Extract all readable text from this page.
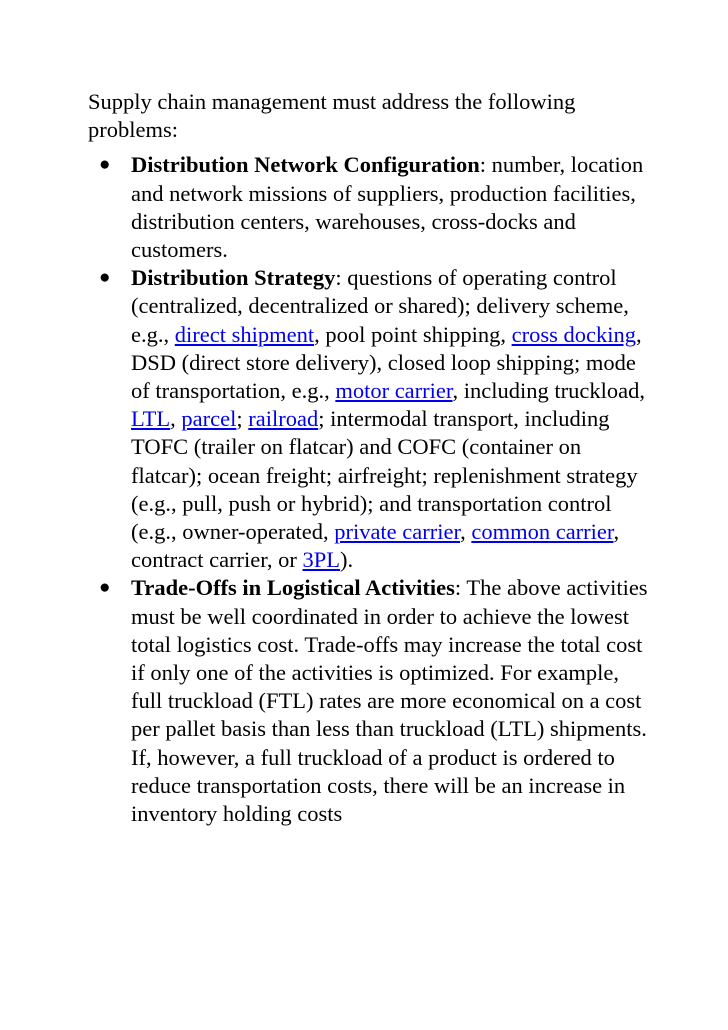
Supply chain management must address the following problems:

● Distribution Network Configuration: number, location and network missions of suppliers, production facilities, distribution centers, warehouses, cross-docks and customers.
● Distribution Strategy: questions of operating control (centralized, decentralized or shared); delivery scheme, e.g., direct shipment, pool point shipping, cross docking, DSD (direct store delivery), closed loop shipping; mode of transportation, e.g., motor carrier, including truckload, LTL, parcel; railroad; intermodal transport, including TOFC (trailer on flatcar) and COFC (container on flatcar); ocean freight; airfreight; replenishment strategy (e.g., pull, push or hybrid); and transportation control (e.g., owner-operated, private carrier, common carrier, contract carrier, or 3PL).
● Trade-Offs in Logistical Activities: The above activities must be well coordinated in order to achieve the lowest total logistics cost. Trade-offs may increase the total cost if only one of the activities is optimized. For example, full truckload (FTL) rates are more economical on a cost per pallet basis than less than truckload (LTL) shipments. If, however, a full truckload of a product is ordered to reduce transportation costs, there will be an increase in inventory holding costs
